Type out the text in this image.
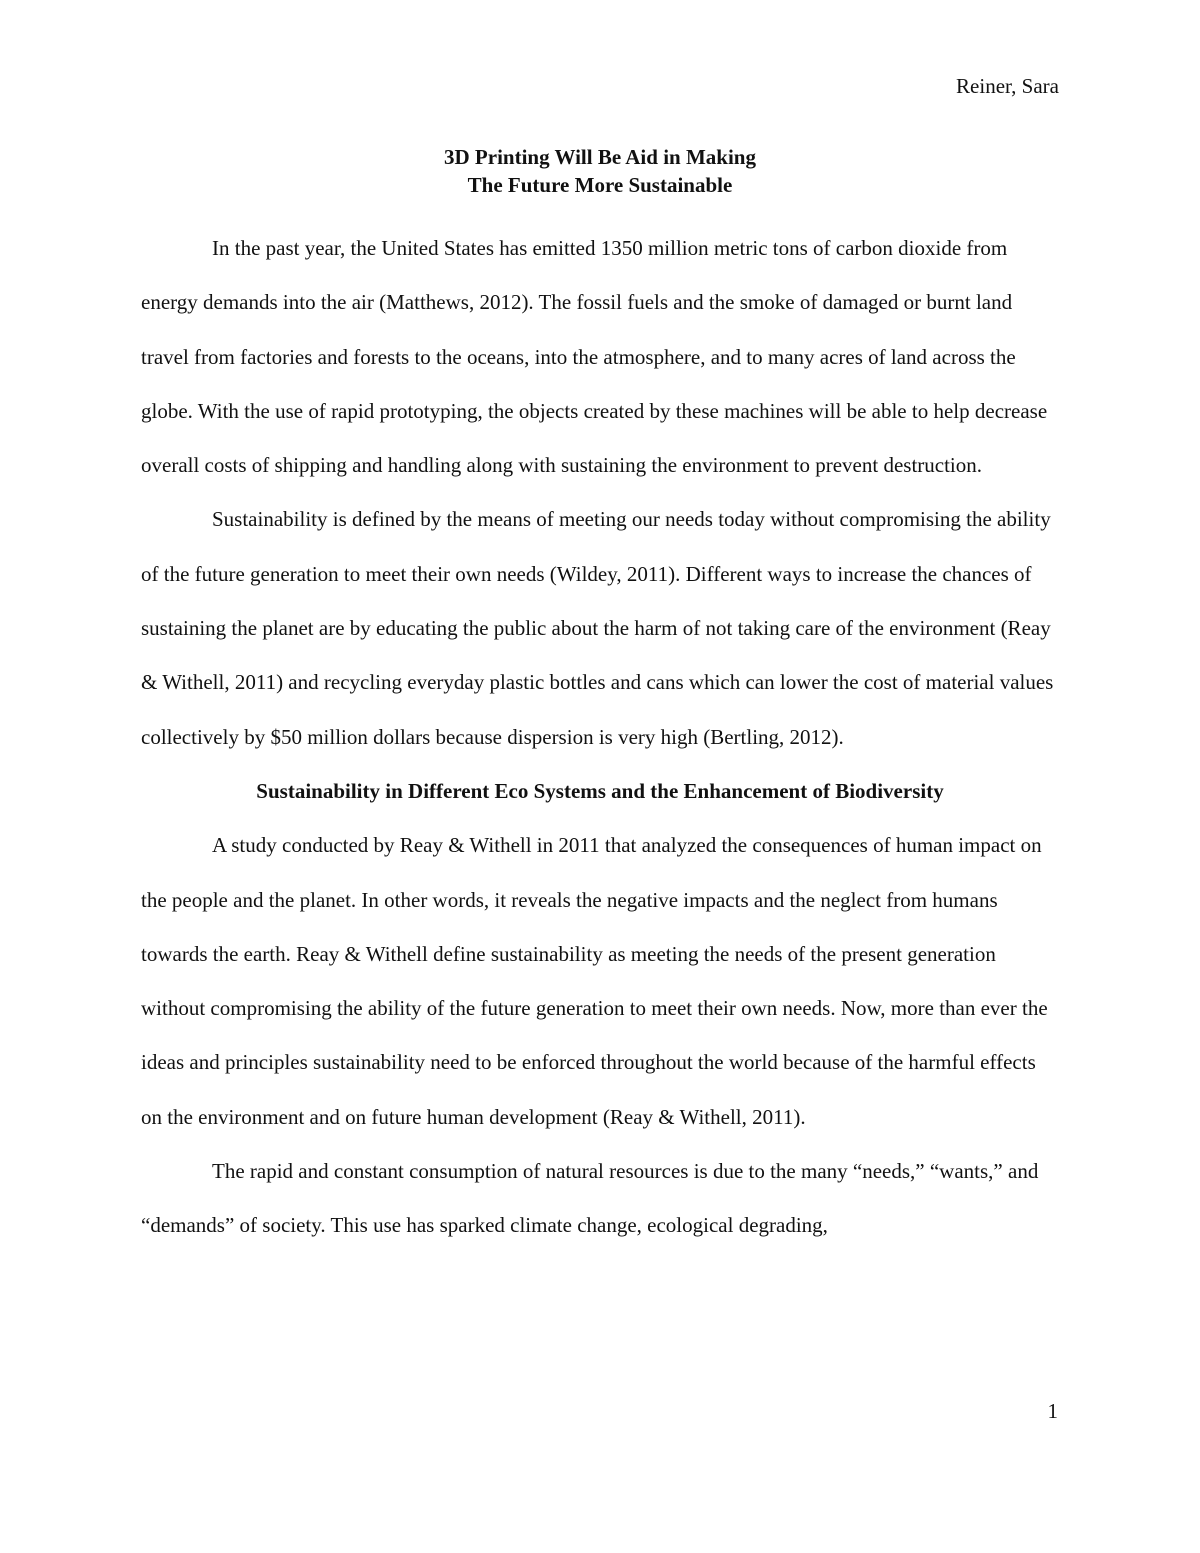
Reiner, Sara
3D Printing Will Be Aid in Making
The Future More Sustainable

In the past year, the United States has emitted 1350 million metric tons of carbon dioxide from energy demands into the air (Matthews, 2012). The fossil fuels and the smoke of damaged or burnt land travel from factories and forests to the oceans, into the atmosphere, and to many acres of land across the globe. With the use of rapid prototyping, the objects created by these machines will be able to help decrease overall costs of shipping and handling along with sustaining the environment to prevent destruction.

Sustainability is defined by the means of meeting our needs today without compromising the ability of the future generation to meet their own needs (Wildey, 2011). Different ways to increase the chances of sustaining the planet are by educating the public about the harm of not taking care of the environment (Reay & Withell, 2011) and recycling everyday plastic bottles and cans which can lower the cost of material values collectively by $50 million dollars because dispersion is very high (Bertling, 2012).

Sustainability in Different Eco Systems and the Enhancement of Biodiversity

A study conducted by Reay & Withell in 2011 that analyzed the consequences of human impact on the people and the planet. In other words, it reveals the negative impacts and the neglect from humans towards the earth. Reay & Withell define sustainability as meeting the needs of the present generation without compromising the ability of the future generation to meet their own needs. Now, more than ever the ideas and principles sustainability need to be enforced throughout the world because of the harmful effects on the environment and on future human development (Reay & Withell, 2011).

The rapid and constant consumption of natural resources is due to the many “needs,” “wants,” and “demands” of society. This use has sparked climate change, ecological degrading,

1
